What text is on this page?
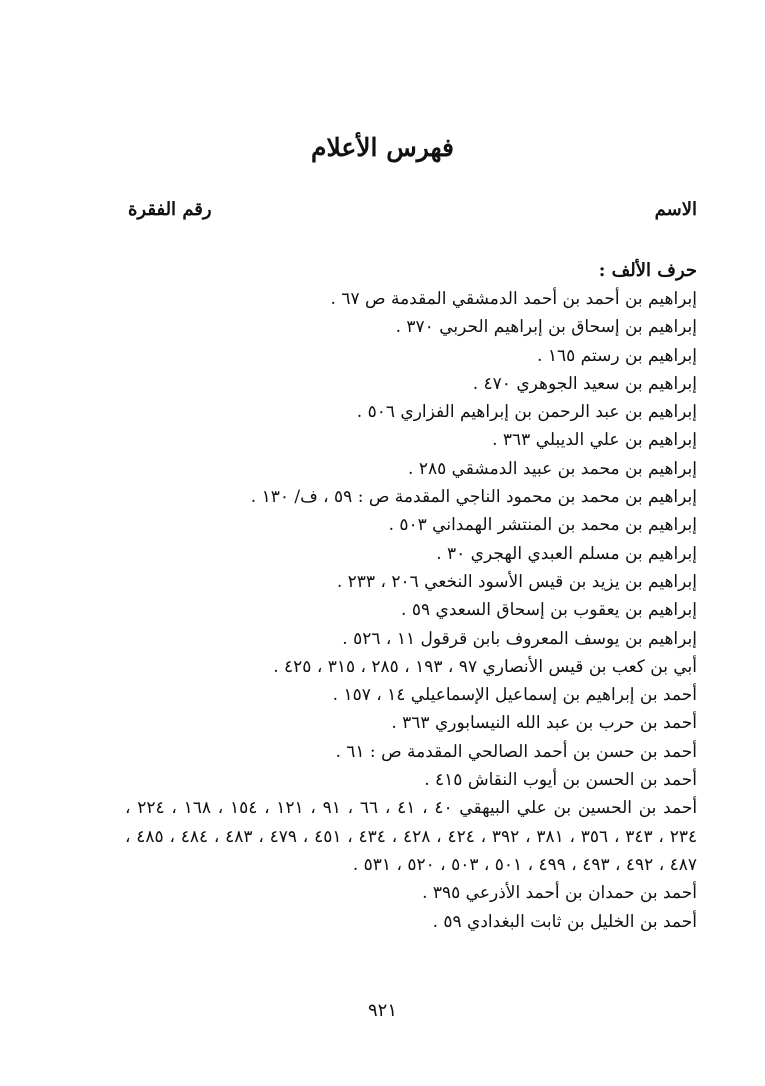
فهرس الأعلام
الاسم
رقم الفقرة
حرف الألف :
إبراهيم بن أحمد بن أحمد الدمشقي المقدمة ص ٦٧ .
إبراهيم بن إسحاق بن إبراهيم الحربي ٣٧٠ .
إبراهيم بن رستم ١٦٥ .
إبراهيم بن سعيد الجوهري ٤٧٠ .
إبراهيم بن عبد الرحمن بن إبراهيم الفزاري ٥٠٦ .
إبراهيم بن علي الديبلي ٣٦٣ .
إبراهيم بن محمد بن عبيد الدمشقي ٢٨٥ .
إبراهيم بن محمد بن محمود الناجي المقدمة ص : ٥٩ ، ف/ ١٣٠ .
إبراهيم بن محمد بن المنتشر الهمداني ٥٠٣ .
إبراهيم بن مسلم العبدي الهجري ٣٠ .
إبراهيم بن يزيد بن قيس الأسود النخعي ٢٠٦ ، ٢٣٣ .
إبراهيم بن يعقوب بن إسحاق السعدي ٥٩ .
إبراهيم بن يوسف المعروف بابن قرقول ١١ ، ٥٢٦ .
أبي بن كعب بن قيس الأنصاري ٩٧ ، ١٩٣ ، ٢٨٥ ، ٣١٥ ، ٤٢٥ .
أحمد بن إبراهيم بن إسماعيل الإسماعيلي ١٤ ، ١٥٧ .
أحمد بن حرب بن عبد الله النيسابوري ٣٦٣ .
أحمد بن حسن بن أحمد الصالحي المقدمة ص : ٦١ .
أحمد بن الحسن بن أيوب النقاش ٤١٥ .
أحمد بن الحسين بن علي البيهقي ٤٠ ، ٤١ ، ٦٦ ، ٩١ ، ١٢١ ، ١٥٤ ، ١٦٨ ، ٢٢٤ ، ٢٣٤ ، ٣٤٣ ، ٣٥٦ ، ٣٨١ ، ٣٩٢ ، ٤٢٤ ، ٤٢٨ ، ٤٣٤ ، ٤٥١ ، ٤٧٩ ، ٤٨٣ ، ٤٨٤ ، ٤٨٥ ، ٤٨٧ ، ٤٩٢ ، ٤٩٣ ، ٤٩٩ ، ٥٠١ ، ٥٠٣ ، ٥٢٠ ، ٥٣١ .
أحمد بن حمدان بن أحمد الأذرعي ٣٩٥ .
أحمد بن الخليل بن ثابت البغدادي ٥٩ .
٩٢١
